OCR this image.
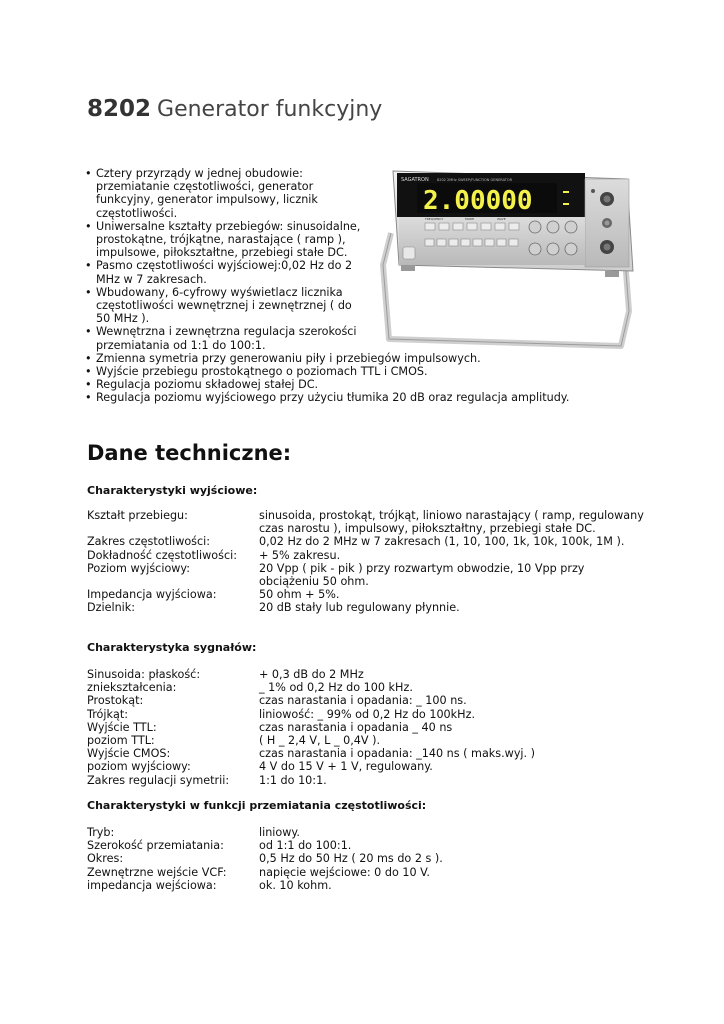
8202 Generator funkcyjny
• Cztery przyrządy w jednej obudowie: przemiatanie częstotliwości, generator funkcyjny, generator impulsowy, licznik częstotliwości.
• Uniwersalne kształty przebiegów: sinusoidalne, prostokątne, trójkątne, narastające ( ramp ), impulsowe, piłokształtne, przebiegi stałe DC.
• Pasmo częstotliwości wyjściowej:0,02 Hz do 2 MHz w 7 zakresach.
• Wbudowany, 6-cyfrowy wyświetlacz licznika częstotliwości wewnętrznej i zewnętrznej ( do 50 MHz ).
• Wewnętrzna i zewnętrzna regulacja szerokości przemiatania od 1:1 do 100:1.
• Zmienna symetria przy generowaniu piły i przebiegów impulsowych.
• Wyjście przebiegu prostokątnego o poziomach TTL i CMOS.
• Regulacja poziomu składowej stałej DC.
• Regulacja poziomu wyjściowego przy użyciu tłumika 20 dB oraz regulacja amplitudy.
SAGATRON 8202 2MHz SWEEP/FUNCTION GENERATOR
2.00000
FREQUENCY	MODE	WAVE
Dane techniczne:
Charakterystyki wyjściowe:
Kształt przebiegu:	sinusoida, prostokąt, trójkąt, liniowo narastający ( ramp, regulowany czas narostu ), impulsowy, piłokształtny, przebiegi stałe DC.
Zakres częstotliwości:	0,02 Hz do 2 MHz w 7 zakresach (1, 10, 100, 1k, 10k, 100k, 1M ).
Dokładność częstotliwości:	+ 5% zakresu.
Poziom wyjściowy:	20 Vpp ( pik - pik ) przy rozwartym obwodzie, 10 Vpp przy obciążeniu 50 ohm.
Impedancja wyjściowa:	50 ohm + 5%.
Dzielnik:	20 dB stały lub regulowany płynnie.
Charakterystyka sygnałów:
Sinusoida: płaskość:	+ 0,3 dB do 2 MHz
zniekształcenia:	_ 1% od 0,2 Hz do 100 kHz.
Prostokąt:	czas narastania i opadania: _ 100 ns.
Trójkąt:	liniowość: _ 99% od 0,2 Hz do 100kHz.
Wyjście TTL:	czas narastania i opadania _ 40 ns
poziom TTL:	( H _ 2,4 V, L _ 0,4V ).
Wyjście CMOS:	czas narastania i opadania: _140 ns ( maks.wyj. )
poziom wyjściowy:	4 V do 15 V + 1 V, regulowany.
Zakres regulacji symetrii:	1:1 do 10:1.
Charakterystyki w funkcji przemiatania częstotliwości:
Tryb:	liniowy.
Szerokość przemiatania:	od 1:1 do 100:1.
Okres:	0,5 Hz do 50 Hz ( 20 ms do 2 s ).
Zewnętrzne wejście VCF:	napięcie wejściowe: 0 do 10 V.
impedancja wejściowa:	ok. 10 kohm.
